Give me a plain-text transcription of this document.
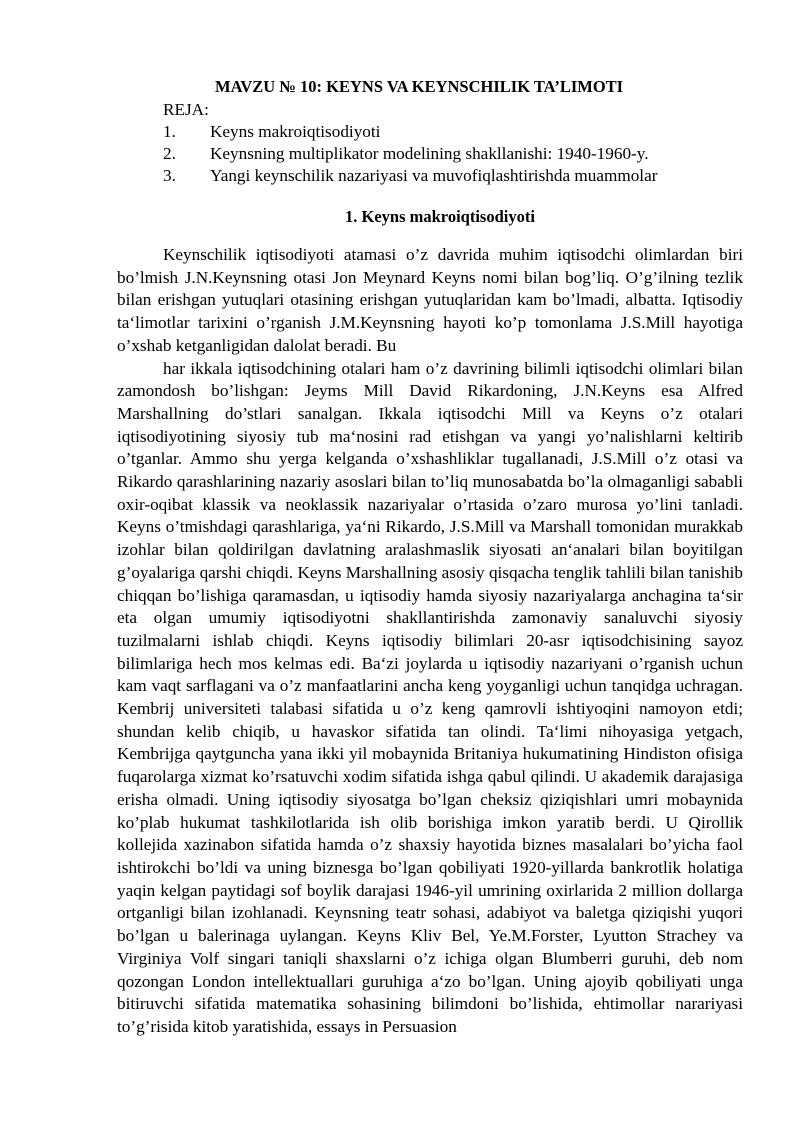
MAVZU № 10: KEYNS VA KEYNSCHILIK TA’LIMOTI
REJA:
1. Keyns makroiqtisodiyoti
2. Keynsning multiplikator modelining shakllanishi: 1940-1960-y.
3. Yangi keynschilik nazariyasi va muvofiqlashtirishda muammolar
1. Keyns makroiqtisodiyoti

Keynschilik iqtisodiyoti atamasi o’z davrida muhim iqtisodchi olimlardan biri bo’lmish J.N.Keynsning otasi Jon Meynard Keyns nomi bilan bog’liq. O’g’ilning tezlik bilan erishgan yutuqlari otasining erishgan yutuqlaridan kam bo’lmadi, albatta. Iqtisodiy ta‘limotlar tarixini o’rganish J.M.Keynsning hayoti ko’p tomonlama J.S.Mill hayotiga o’xshab ketganligidan dalolat beradi. Bu

har ikkala iqtisodchining otalari ham o’z davrining bilimli iqtisodchi olimlari bilan zamondosh bo’lishgan: Jeyms Mill David Rikardoning, J.N.Keyns esa Alfred Marshallning do’stlari sanalgan. Ikkala iqtisodchi Mill va Keyns o’z otalari iqtisodiyotining siyosiy tub ma‘nosini rad etishgan va yangi yo’nalishlarni keltirib o’tganlar. Ammo shu yerga kelganda o’xshashliklar tugallanadi, J.S.Mill o’z otasi va Rikardo qarashlarining nazariy asoslari bilan to’liq munosabatda bo’la olmaganligi sababli oxir-oqibat klassik va neoklassik nazariyalar o’rtasida o’zaro murosa yo’lini tanladi. Keyns o’tmishdagi qarashlariga, ya‘ni Rikardo, J.S.Mill va Marshall tomonidan murakkab izohlar bilan qoldirilgan davlatning aralashmaslik siyosati an‘analari bilan boyitilgan g’oyalariga qarshi chiqdi. Keyns Marshallning asosiy qisqacha tenglik tahlili bilan tanishib chiqqan bo’lishiga qaramasdan, u iqtisodiy hamda siyosiy nazariyalarga anchagina ta‘sir eta olgan umumiy iqtisodiyotni shakllantirishda zamonaviy sanaluvchi siyosiy tuzilmalarni ishlab chiqdi. Keyns iqtisodiy bilimlari 20-asr iqtisodchisining sayoz bilimlariga hech mos kelmas edi. Ba‘zi joylarda u iqtisodiy nazariyani o’rganish uchun kam vaqt sarflagani va o’z manfaatlarini ancha keng yoyganligi uchun tanqidga uchragan. Kembrij universiteti talabasi sifatida u o’z keng qamrovli ishtiyoqini namoyon etdi; shundan kelib chiqib, u havaskor sifatida tan olindi. Ta‘limi nihoyasiga yetgach, Kembrijga qaytguncha yana ikki yil mobaynida Britaniya hukumatining Hindiston ofisiga fuqarolarga xizmat ko’rsatuvchi xodim sifatida ishga qabul qilindi. U akademik darajasiga erisha olmadi. Uning iqtisodiy siyosatga bo’lgan cheksiz qiziqishlari umri mobaynida ko’plab hukumat tashkilotlarida ish olib borishiga imkon yaratib berdi. U Qirollik kollejida xazinabon sifatida hamda o’z shaxsiy hayotida biznes masalalari bo’yicha faol ishtirokchi bo’ldi va uning biznesga bo’lgan qobiliyati 1920-yillarda bankrotlik holatiga yaqin kelgan paytidagi sof boylik darajasi 1946-yil umrining oxirlarida 2 million dollarga ortganligi bilan izohlanadi. Keynsning teatr sohasi, adabiyot va baletga qiziqishi yuqori bo’lgan u balerinaga uylangan. Keyns Kliv Bel, Ye.M.Forster, Lyutton Strachey va Virginiya Volf singari taniqli shaxslarni o’z ichiga olgan Blumberri guruhi, deb nom qozongan London intellektuallari guruhiga a‘zo bo’lgan. Uning ajoyib qobiliyati unga bitiruvchi sifatida matematika sohasining bilimdoni bo’lishida, ehtimollar narariyasi to’g’risida kitob yaratishida, essays in Persuasion
